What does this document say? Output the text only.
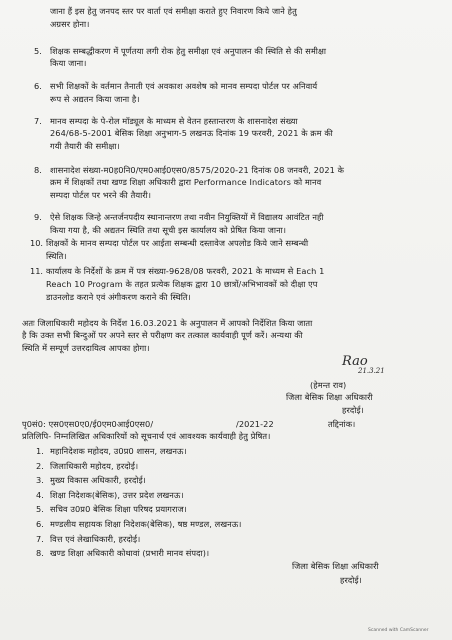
जाना हैं इस हेतु जनपद स्तर पर वार्ता एवं समीक्षा कराते हुए निवारण किये जाने हेतु
अग्रसर होना।
5. शिक्षक सम्बद्धीकरण में पूर्णतया लगी रोक हेतु समीक्षा एवं अनुपालन की स्थिति से की समीक्षा
किया जाना।
6. सभी शिक्षकों के वर्तमान तैनाती एवं अवकाश अवशेष को मानव सम्पदा पोर्टल पर अनिवार्य
रूप से अद्यतन किया जाना है।
7. मानव सम्पदा के पे-रोल मॉड्यूल के माध्यम से वेतन हस्तान्तरण के शासनादेश संख्या
264/68-5-2001 बेसिक शिक्षा अनुभाग-5 लखनऊ दिनांक 19 फरवरी, 2021 के क्रम की
गयी तैयारी की समीक्षा।
8. शासनादेश संख्या-म0ह0नि0/एम0आई0एस0/8575/2020-21 दिनांक 08 जनवरी, 2021 के
क्रम में शिक्षकों तथा खण्ड शिक्षा अधिकारी द्वारा Performance Indicators को मानव
सम्पदा पोर्टल पर भरने की तैयारी।
9. ऐसे शिक्षक जिन्हे अन्तर्जनपदीय स्थानान्तरण तथा नवीन नियुक्तियों में विद्यालय आवंटित नही
किया गया है, की अद्यतन स्थिति तथा सूची इस कार्यालय को प्रेषित किया जाना।
10. शिक्षकों के मानव सम्पदा पोर्टल पर आईता सम्बन्धी दस्तावेज अपलोड किये जाने सम्बन्धी
स्थिति।
11. कार्यालय के निर्देशों के क्रम में पत्र संख्या-9628/08 फरवरी, 2021 के माध्यम से Each 1
Reach 10 Program के तहत प्रत्येक शिक्षक द्वारा 10 छात्रों/अभिभावकों को दीक्षा एप
डाउनलोड कराने एवं अंगीकरण कराने की स्थिति।
अतः जिलाधिकारी महोदय के निर्देश 16.03.2021 के अनुपालन में आपको निर्देशित किया जाता
है कि उक्त सभी बिन्दुओं पर अपने स्तर से परीक्षण कर तत्काल कार्यवाही पूर्ण करें। अन्यथा की
स्थिति में सम्पूर्ण उत्तरदायित्व आपका होगा।
Rao
21.3.21
(हेमन्त राव)
जिला बेसिक शिक्षा अधिकारी
हरदोई।
पृ0सं0: एस0एस0ए0/ई0एम0आई0एस0/	/2021-22	तद्दिनांक।
प्रतिलिपि- निम्नलिखित अधिकारियों को सूचनार्थ एवं आवश्यक कार्यवाही हेतु प्रेषित।
1. महानिदेशक महोदय, उ0प्र0 शासन, लखनऊ।
2. जिलाधिकारी महोदय, हरदोई।
3. मुख्य विकास अधिकारी, हरदोई।
4. शिक्षा निदेशक(बेसिक), उत्तर प्रदेश लखनऊ।
5. सचिव उ0प्र0 बेसिक शिक्षा परिषद प्रयागराज।
6. मण्डलीय सहायक शिक्षा निदेशक(बेसिक), षष्ठ मण्डल, लखनऊ।
7. वित्त एवं लेखाधिकारी, हरदोई।
8. खण्ड शिक्षा अधिकारी कोथावां (प्रभारी मानव संपदा)।
जिला बेसिक शिक्षा अधिकारी
हरदोई।
Scanned with CamScanner
